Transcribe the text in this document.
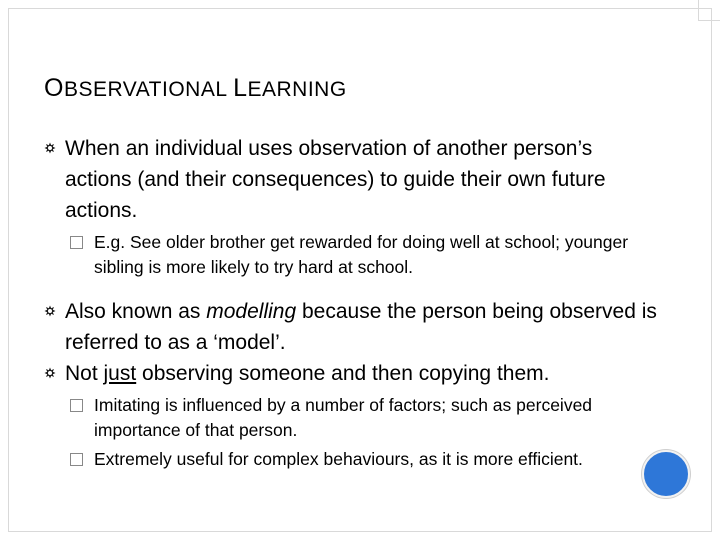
OBSERVATIONAL LEARNING
When an individual uses observation of another person’s actions (and their consequences) to guide their own future actions.
E.g. See older brother get rewarded for doing well at school; younger sibling is more likely to try hard at school.
Also known as modelling because the person being observed is referred to as a ‘model’.
Not just observing someone and then copying them.
Imitating is influenced by a number of factors; such as perceived importance of that person.
Extremely useful for complex behaviours, as it is more efficient.
